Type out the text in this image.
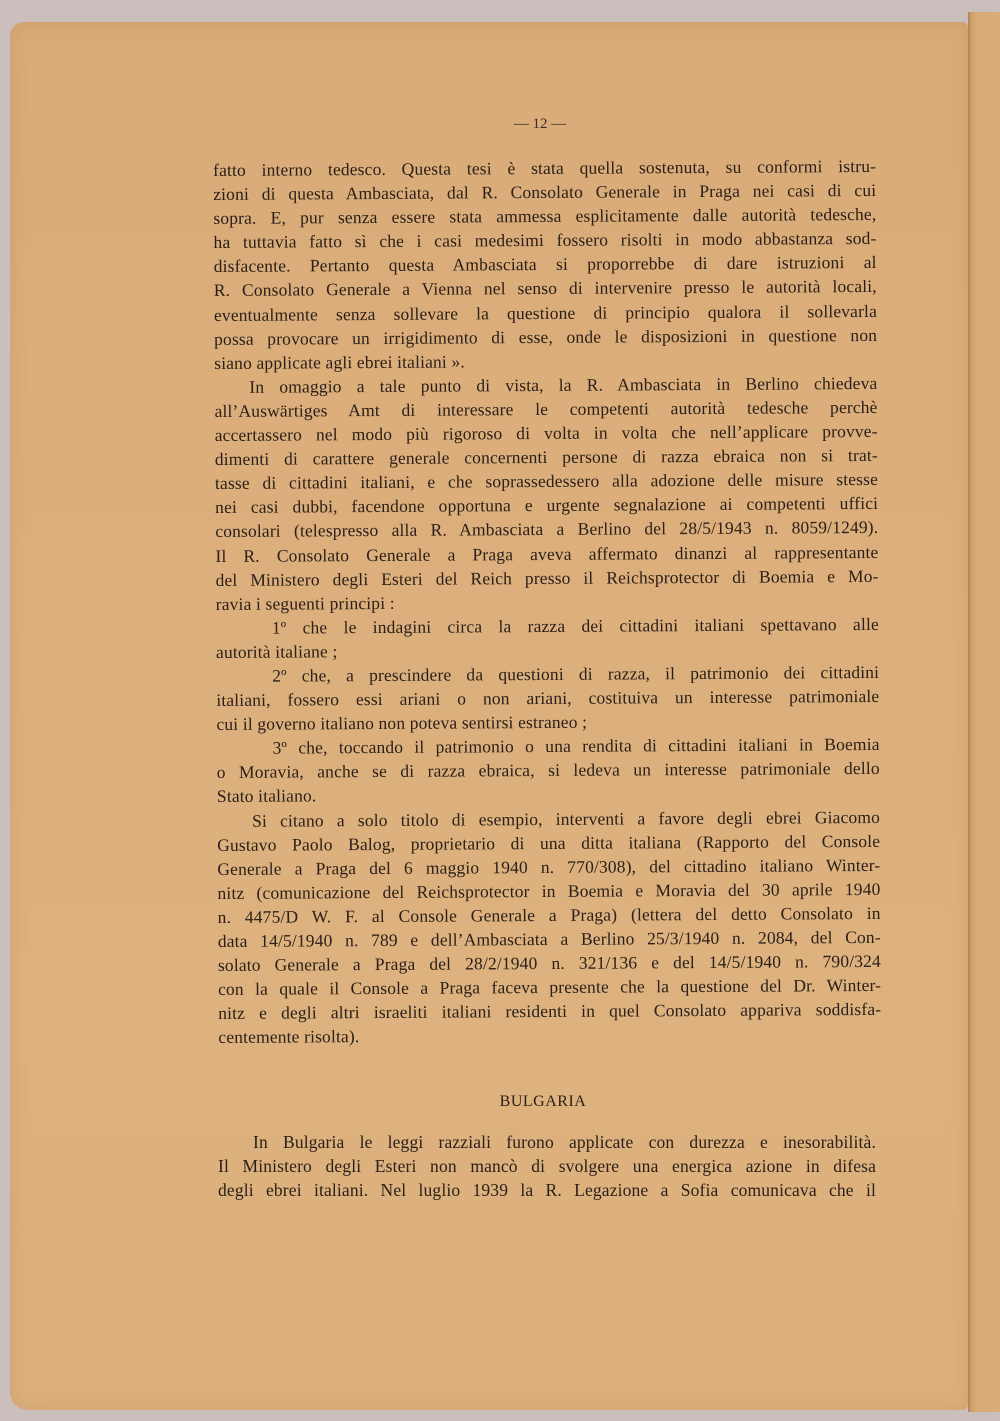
— 12 —
fatto interno tedesco. Questa tesi è stata quella sostenuta, su conformi istru-
zioni di questa Ambasciata, dal R. Consolato Generale in Praga nei casi di cui
sopra. E, pur senza essere stata ammessa esplicitamente dalle autorità tedesche,
ha tuttavia fatto sì che i casi medesimi fossero risolti in modo abbastanza sod-
disfacente. Pertanto questa Ambasciata si proporrebbe di dare istruzioni al
R. Consolato Generale a Vienna nel senso di intervenire presso le autorità locali,
eventualmente senza sollevare la questione di principio qualora il sollevarla
possa provocare un irrigidimento di esse, onde le disposizioni in questione non
siano applicate agli ebrei italiani ».
In omaggio a tale punto di vista, la R. Ambasciata in Berlino chiedeva
all’Auswärtiges Amt di interessare le competenti autorità tedesche perchè
accertassero nel modo più rigoroso di volta in volta che nell’applicare provve-
dimenti di carattere generale concernenti persone di razza ebraica non si trat-
tasse di cittadini italiani, e che soprassedessero alla adozione delle misure stesse
nei casi dubbi, facendone opportuna e urgente segnalazione ai competenti uffici
consolari (telespresso alla R. Ambasciata a Berlino del 28/5/1943 n. 8059/1249).
Il R. Consolato Generale a Praga aveva affermato dinanzi al rappresentante
del Ministero degli Esteri del Reich presso il Reichsprotector di Boemia e Mo-
ravia i seguenti principi :
1º che le indagini circa la razza dei cittadini italiani spettavano alle
autorità italiane ;
2º che, a prescindere da questioni di razza, il patrimonio dei cittadini
italiani, fossero essi ariani o non ariani, costituiva un interesse patrimoniale
cui il governo italiano non poteva sentirsi estraneo ;
3º che, toccando il patrimonio o una rendita di cittadini italiani in Boemia
o Moravia, anche se di razza ebraica, si ledeva un interesse patrimoniale dello
Stato italiano.
Si citano a solo titolo di esempio, interventi a favore degli ebrei Giacomo
Gustavo Paolo Balog, proprietario di una ditta italiana (Rapporto del Console
Generale a Praga del 6 maggio 1940 n. 770/308), del cittadino italiano Winter-
nitz (comunicazione del Reichsprotector in Boemia e Moravia del 30 aprile 1940
n. 4475/D W. F. al Console Generale a Praga) (lettera del detto Consolato in
data 14/5/1940 n. 789 e dell’Ambasciata a Berlino 25/3/1940 n. 2084, del Con-
solato Generale a Praga del 28/2/1940 n. 321/136 e del 14/5/1940 n. 790/324
con la quale il Console a Praga faceva presente che la questione del Dr. Winter-
nitz e degli altri israeliti italiani residenti in quel Consolato appariva soddisfa-
centemente risolta).
BULGARIA
In Bulgaria le leggi razziali furono applicate con durezza e inesorabilità.
Il Ministero degli Esteri non mancò di svolgere una energica azione in difesa
degli ebrei italiani. Nel luglio 1939 la R. Legazione a Sofia comunicava che il
